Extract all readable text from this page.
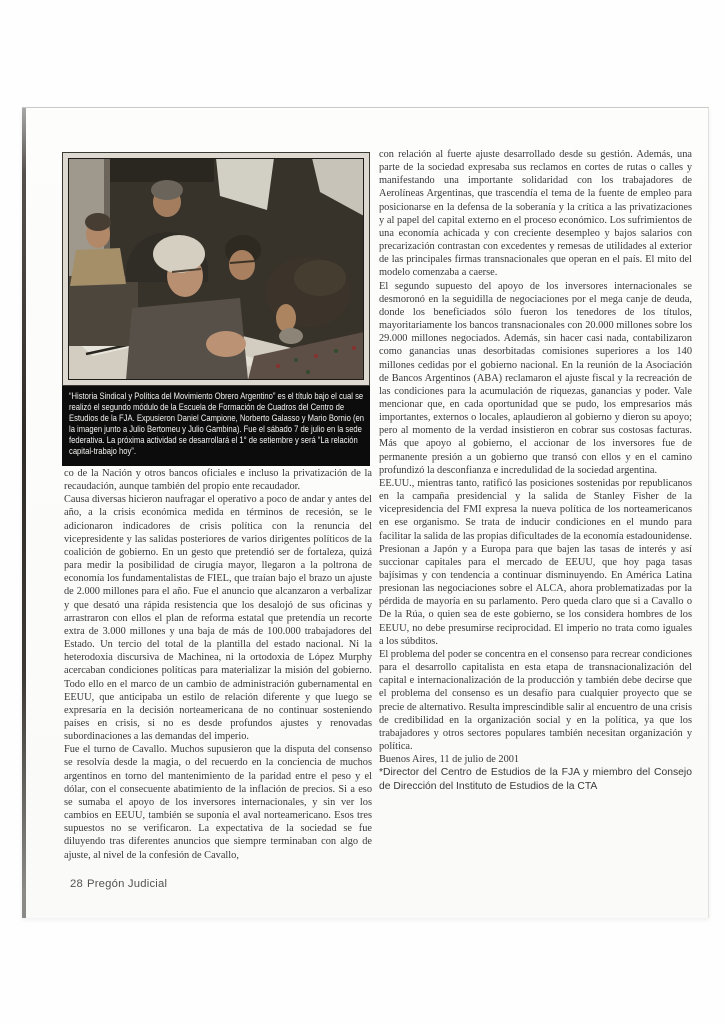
“Historia Sindical y Política del Movimiento Obrero Argentino” es el título bajo el cual se realizó el segundo módulo de la Escuela de Formación de Cuadros del Centro de Estudios de la FJA. Expusieron Daniel Campione, Norberto Galasso y Mario Bornio (en la imagen junto a Julio Bertomeu y Julio Gambina). Fue el sábado 7 de julio en la sede federativa. La próxima actividad se desarrollará el 1° de setiembre y será “La relación capital-trabajo hoy”.

co de la Nación y otros bancos oficiales e incluso la privatización de la recaudación, aunque también del propio ente recaudador.

Causa diversas hicieron naufragar el operativo a poco de andar y antes del año, a la crisis económica medida en términos de recesión, se le adicionaron indicadores de crisis política con la renuncia del vicepresidente y las salidas posteriores de varios dirigentes políticos de la coalición de gobierno. En un gesto que pretendió ser de fortaleza, quizá para medir la posibilidad de cirugía mayor, llegaron a la poltrona de economía los fundamentalistas de FIEL, que traían bajo el brazo un ajuste de 2.000 millones para el año. Fue el anuncio que alcanzaron a verbalizar y que desató una rápida resistencia que los desalojó de sus oficinas y arrastraron con ellos el plan de reforma estatal que pretendía un recorte extra de 3.000 millones y una baja de más de 100.000 trabajadores del Estado. Un tercio del total de la plantilla del estado nacional. Ni la heterodoxia discursiva de Machinea, ni la ortodoxia de López Murphy acercaban condiciones políticas para materializar la misión del gobierno. Todo ello en el marco de un cambio de administración gubernamental en EEUU, que anticipaba un estilo de relación diferente y que luego se expresaría en la decisión norteamericana de no continuar sosteniendo países en crisis, si no es desde profundos ajustes y renovadas subordinaciones a las demandas del imperio.

Fue el turno de Cavallo. Muchos supusieron que la disputa del consenso se resolvía desde la magia, o del recuerdo en la conciencia de muchos argentinos en torno del mantenimiento de la paridad entre el peso y el dólar, con el consecuente abatimiento de la inflación de precios. Si a eso se sumaba el apoyo de los inversores internacionales, y sin ver los cambios en EEUU, también se suponía el aval norteamericano. Esos tres supuestos no se verificaron. La expectativa de la sociedad se fue diluyendo tras diferentes anuncios que siempre terminaban con algo de ajuste, al nivel de la confesión de Cavallo,

con relación al fuerte ajuste desarrollado desde su gestión. Además, una parte de la sociedad expresaba sus reclamos en cortes de rutas o calles y manifestando una importante solidaridad con los trabajadores de Aerolíneas Argentinas, que trascendía el tema de la fuente de empleo para posicionarse en la defensa de la soberanía y la crítica a las privatizaciones y al papel del capital externo en el proceso económico. Los sufrimientos de una economía achicada y con creciente desempleo y bajos salarios con precarización contrastan con excedentes y remesas de utilidades al exterior de las principales firmas transnacionales que operan en el país. El mito del modelo comenzaba a caerse.

El segundo supuesto del apoyo de los inversores internacionales se desmoronó en la seguidilla de negociaciones por el mega canje de deuda, donde los beneficiados sólo fueron los tenedores de los títulos, mayoritariamente los bancos transnacionales con 20.000 millones sobre los 29.000 millones negociados. Además, sin hacer casi nada, contabilizaron como ganancias unas desorbitadas comisiones superiores a los 140 millones cedidas por el gobierno nacional. En la reunión de la Asociación de Bancos Argentinos (ABA) reclamaron el ajuste fiscal y la recreación de las condiciones para la acumulación de riquezas, ganancias y poder. Vale mencionar que, en cada oportunidad que se pudo, los empresarios más importantes, externos o locales, aplaudieron al gobierno y dieron su apoyo; pero al momento de la verdad insistieron en cobrar sus costosas facturas. Más que apoyo al gobierno, el accionar de los inversores fue de permanente presión a un gobierno que transó con ellos y en el camino profundizó la desconfianza e incredulidad de la sociedad argentina.

EE.UU., mientras tanto, ratificó las posiciones sostenidas por republicanos en la campaña presidencial y la salida de Stanley Fisher de la vicepresidencia del FMI expresa la nueva política de los norteamericanos en ese organismo. Se trata de inducir condiciones en el mundo para facilitar la salida de las propias dificultades de la economía estadounidense. Presionan a Japón y a Europa para que bajen las tasas de interés y así succionar capitales para el mercado de EEUU, que hoy paga tasas bajísimas y con tendencia a continuar disminuyendo. En América Latina presionan las negociaciones sobre el ALCA, ahora problematizadas por la pérdida de mayoría en su parlamento. Pero queda claro que si a Cavallo o De la Rúa, o quien sea de este gobierno, se los considera hombres de los EEUU, no debe presumirse reciprocidad. El imperio no trata como iguales a los súbditos.

El problema del poder se concentra en el consenso para recrear condiciones para el desarrollo capitalista en esta etapa de transnacionalización del capital e internacionalización de la producción y también debe decirse que el problema del consenso es un desafío para cualquier proyecto que se precie de alternativo. Resulta imprescindible salir al encuentro de una crisis de credibilidad en la organización social y en la política, ya que los trabajadores y otros sectores populares también necesitan organización y política.

Buenos Aires, 11 de julio de 2001

*Director del Centro de Estudios de la FJA y miembro del Consejo de Dirección del Instituto de Estudios de la CTA

28 Pregón Judicial
